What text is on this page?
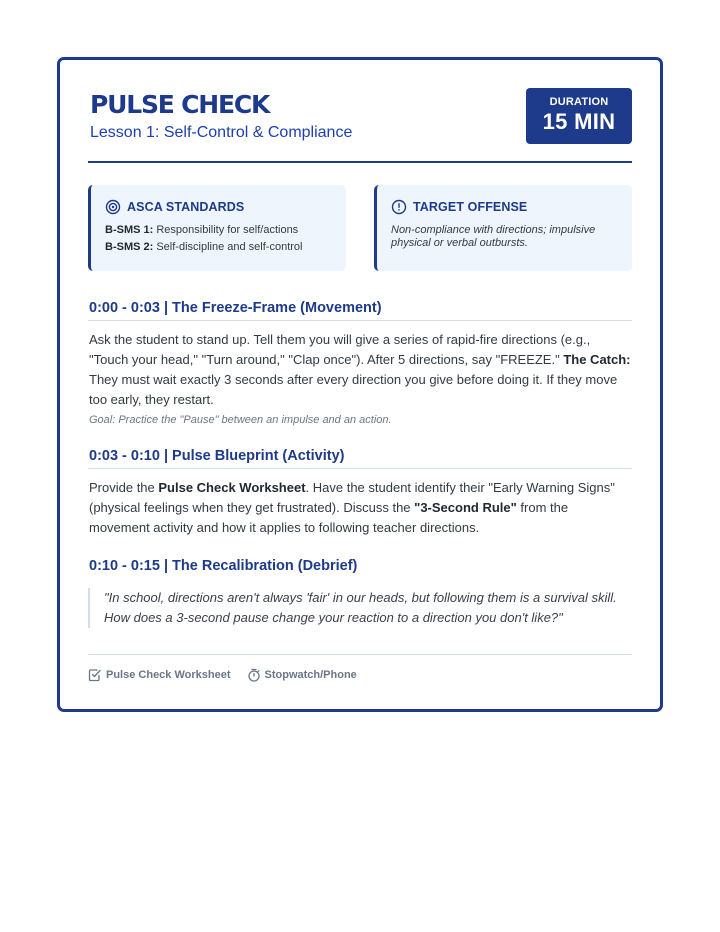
PULSE CHECK
Lesson 1: Self-Control & Compliance
DURATION
15 MIN
ASCA STANDARDS
B-SMS 1: Responsibility for self/actions
B-SMS 2: Self-discipline and self-control
TARGET OFFENSE
Non-compliance with directions; impulsive physical or verbal outbursts.
0:00 - 0:03 | The Freeze-Frame (Movement)

Ask the student to stand up. Tell them you will give a series of rapid-fire directions (e.g., "Touch your head," "Turn around," "Clap once"). After 5 directions, say "FREEZE." The Catch: They must wait exactly 3 seconds after every direction you give before doing it. If they move too early, they restart.

Goal: Practice the "Pause" between an impulse and an action.
0:03 - 0:10 | Pulse Blueprint (Activity)

Provide the Pulse Check Worksheet. Have the student identify their "Early Warning Signs" (physical feelings when they get frustrated). Discuss the "3-Second Rule" from the movement activity and how it applies to following teacher directions.

0:10 - 0:15 | The Recalibration (Debrief)

"In school, directions aren't always 'fair' in our heads, but following them is a survival skill. How does a 3-second pause change your reaction to a direction you don't like?"

Pulse Check Worksheet	Stopwatch/Phone
